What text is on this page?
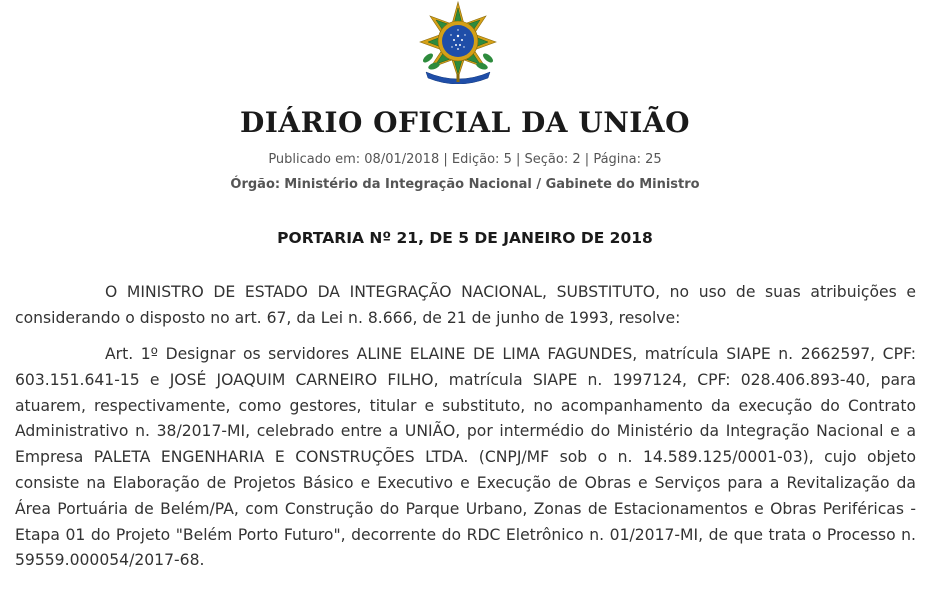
DIÁRIO OFICIAL DA UNIÃO
Publicado em: 08/01/2018 | Edição: 5 | Seção: 2 | Página: 25
Órgão: Ministério da Integração Nacional / Gabinete do Ministro
PORTARIA Nº 21, DE 5 DE JANEIRO DE 2018
O MINISTRO DE ESTADO DA INTEGRAÇÃO NACIONAL, SUBSTITUTO, no uso de suas atribuições e considerando o disposto no art. 67, da Lei n. 8.666, de 21 de junho de 1993, resolve:
Art. 1º Designar os servidores ALINE ELAINE DE LIMA FAGUNDES, matrícula SIAPE n. 2662597, CPF: 603.151.641-15 e JOSÉ JOAQUIM CARNEIRO FILHO, matrícula SIAPE n. 1997124, CPF: 028.406.893-40, para atuarem, respectivamente, como gestores, titular e substituto, no acompanhamento da execução do Contrato Administrativo n. 38/2017-MI, celebrado entre a UNIÃO, por intermédio do Ministério da Integração Nacional e a Empresa PALETA ENGENHARIA E CONSTRUÇÕES LTDA. (CNPJ/MF sob o n. 14.589.125/0001-03), cujo objeto consiste na Elaboração de Projetos Básico e Executivo e Execução de Obras e Serviços para a Revitalização da Área Portuária de Belém/PA, com Construção do Parque Urbano, Zonas de Estacionamentos e Obras Periféricas - Etapa 01 do Projeto "Belém Porto Futuro", decorrente do RDC Eletrônico n. 01/2017-MI, de que trata o Processo n. 59559.000054/2017-68.
